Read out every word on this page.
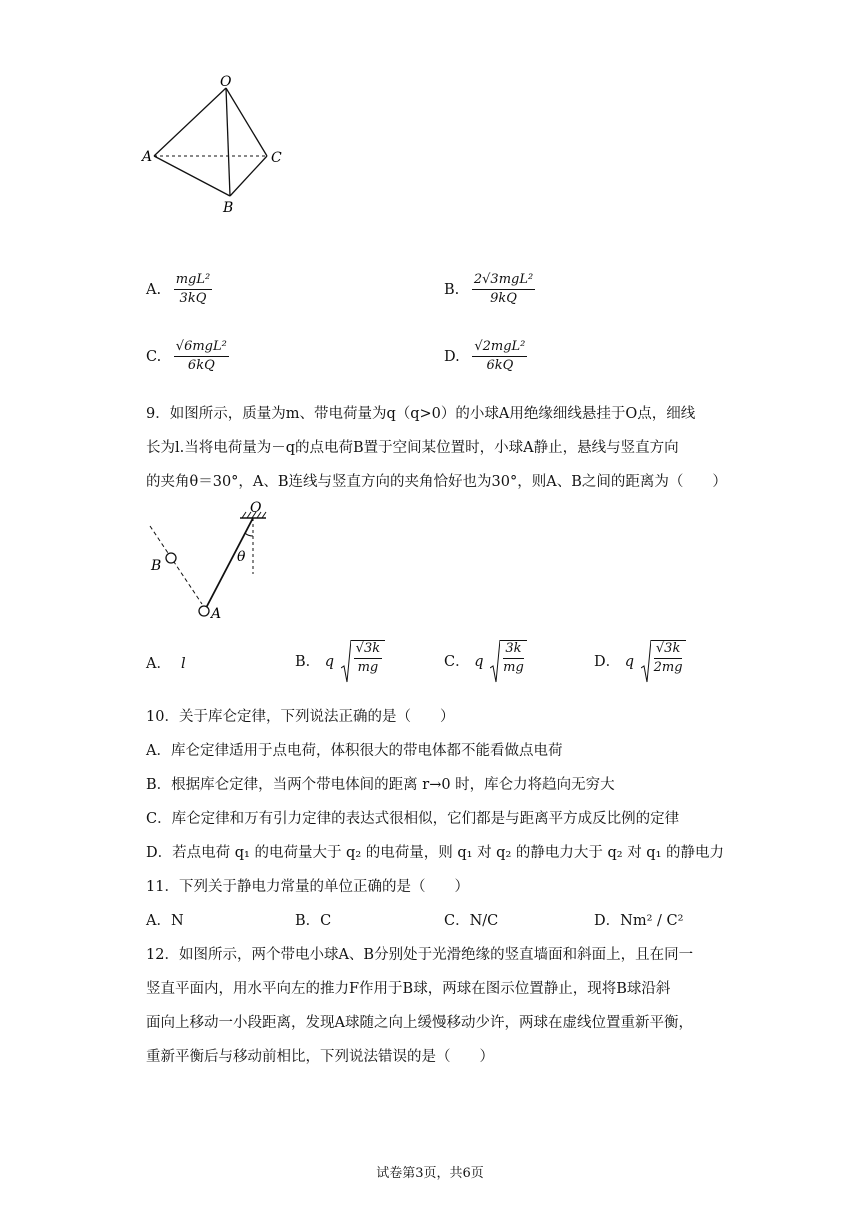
O
A	C
B
A. $\frac{\text{mgL²}}{3kQ}$	B. $\frac{\text{2√3mgL²}}{9kQ}$
C. $\frac{\text{√6mgL²}}{6kQ}$	D. $\frac{\text{√2mgL²}}{6kQ}$
9．如图所示，质量为m、带电荷量为q（q>0）的小球A用绝缘细线悬挂于O点，细线
长为l.当将电荷量为－q的点电荷B置于空间某位置时，小球A静止，悬线与竖直方向
的夹角θ＝30°，A、B连线与竖直方向的夹角恰好也为30°，则A、B之间的距离为（　　）
O
B
θ
A
A． l	B． q
√3k
mg	C． q
3k
mg	D． q
√3k
2mg
10．关于库仑定律，下列说法正确的是（　　）
A．库仑定律适用于点电荷，体积很大的带电体都不能看做点电荷
B．根据库仑定律，当两个带电体间的距离 r→0 时，库仑力将趋向无穷大
C．库仑定律和万有引力定律的表达式很相似，它们都是与距离平方成反比例的定律
D．若点电荷 q₁ 的电荷量大于 q₂ 的电荷量，则 q₁ 对 q₂ 的静电力大于 q₂ 对 q₁ 的静电力
11．下列关于静电力常量的单位正确的是（　　）
A．N	B．C	C．N/C	D．Nm² / C²
12．如图所示，两个带电小球A、B分别处于光滑绝缘的竖直墙面和斜面上，且在同一
竖直平面内，用水平向左的推力F作用于B球，两球在图示位置静止，现将B球沿斜
面向上移动一小段距离，发现A球随之向上缓慢移动少许，两球在虚线位置重新平衡，
重新平衡后与移动前相比，下列说法错误的是（　　）
试卷第3页，共6页
